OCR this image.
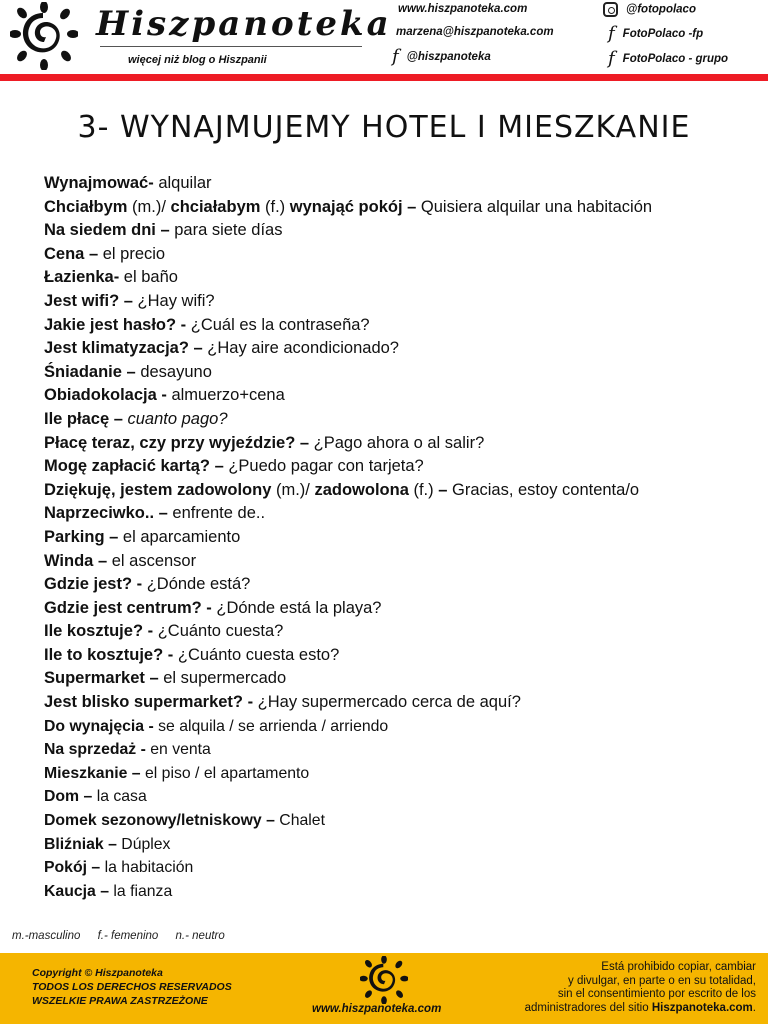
Hiszpanoteka
więcej niż blog o Hiszpanii
www.hiszpanoteka.com
marzena@hiszpanoteka.com
f @hiszpanoteka
@fotopolaco
f FotoPolaco -fp
f FotoPolaco - grupo
3- WYNAJMUJEMY HOTEL I MIESZKANIE
Wynajmować- alquilar
Chciałbym (m.)/ chciałabym (f.) wynająć pokój – Quisiera alquilar una habitación
Na siedem dni – para siete días
Cena – el precio
Łazienka- el baño
Jest wifi? – ¿Hay wifi?
Jakie jest hasło? - ¿Cuál es la contraseña?
Jest klimatyzacja? – ¿Hay aire acondicionado?
Śniadanie – desayuno
Obiadokolacja - almuerzo+cena
Ile płacę – cuanto pago?
Płacę teraz, czy przy wyjeździe? – ¿Pago ahora o al salir?
Mogę zapłacić kartą? – ¿Puedo pagar con tarjeta?
Dziękuję, jestem zadowolony (m.)/ zadowolona (f.) – Gracias, estoy contenta/o
Naprzeciwko.. – enfrente de..
Parking – el aparcamiento
Winda – el ascensor
Gdzie jest? - ¿Dónde está?
Gdzie jest centrum? - ¿Dónde está la playa?
Ile kosztuje? - ¿Cuánto cuesta?
Ile to kosztuje? - ¿Cuánto cuesta esto?
Supermarket – el supermercado
Jest blisko supermarket? - ¿Hay supermercado cerca de aquí?
Do wynajęcia - se alquila / se arrienda / arriendo
Na sprzedaż - en venta
Mieszkanie – el piso / el apartamento
Dom – la casa
Domek sezonowy/letniskowy – Chalet
Bliźniak – Dúplex
Pokój – la habitación
Kaucja – la fianza
m.-masculino f.- femenino n.- neutro
Copyright © Hiszpanoteka
TODOS LOS DERECHOS RESERVADOS
WSZELKIE PRAWA ZASTRZEŻONE
www.hiszpanoteka.com
Está prohibido copiar, cambiar
y divulgar, en parte o en su totalidad,
sin el consentimiento por escrito de los
administradores del sitio Hiszpanoteka.com.
